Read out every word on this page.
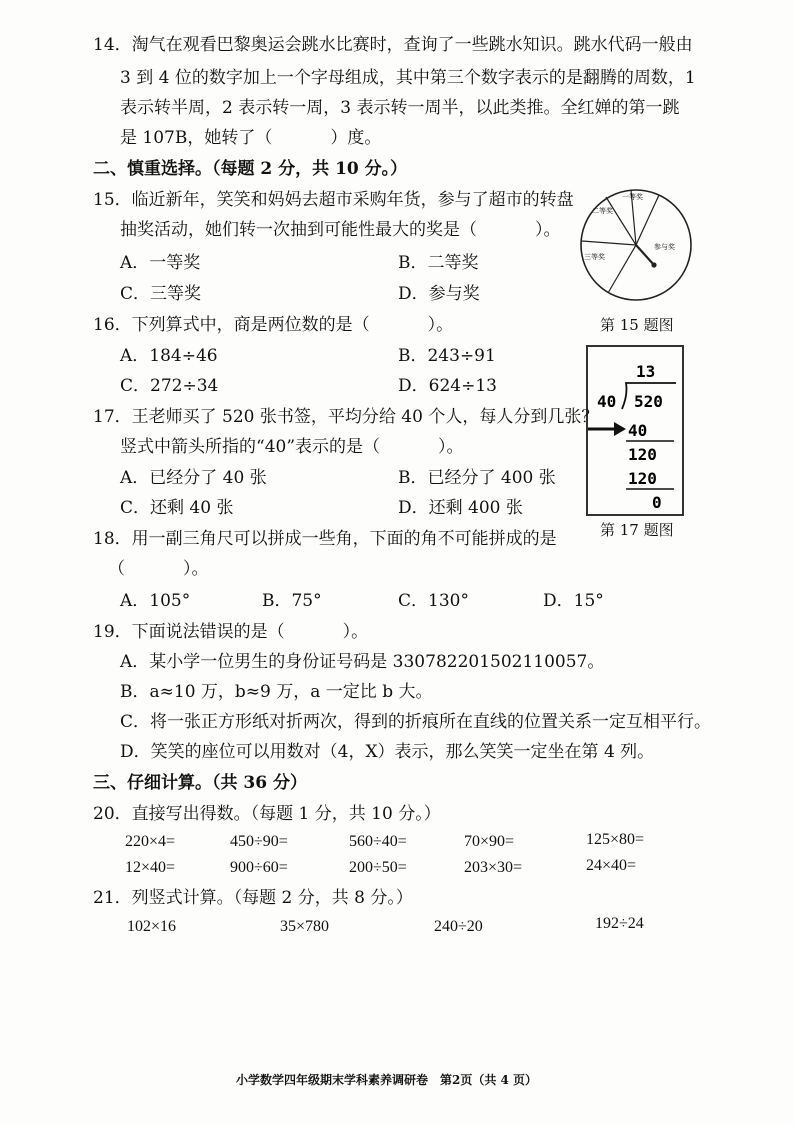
14．淘气在观看巴黎奥运会跳水比赛时，查询了一些跳水知识。跳水代码一般由
3 到 4 位的数字加上一个字母组成，其中第三个数字表示的是翻腾的周数，1
表示转半周，2 表示转一周，3 表示转一周半，以此类推。全红婵的第一跳
是 107B，她转了（	）度。
二、慎重选择。（每题 2 分，共 10 分。）
15．临近新年，笑笑和妈妈去超市采购年货，参与了超市的转盘
抽奖活动，她们转一次抽到可能性最大的奖是（	）。
A．一等奖	B．二等奖
C．三等奖	D．参与奖
一等奖
二等奖
三等奖
参与奖
第 15 题图
16．下列算式中，商是两位数的是（	）。
A．184÷46	B．243÷91
C．272÷34	D．624÷13
13
40 520
40
120
120
0
第 17 题图
17．王老师买了 520 张书签，平均分给 40 个人，每人分到几张？
竖式中箭头所指的“40”表示的是（	）。
A．已经分了 40 张	B．已经分了 400 张
C．还剩 40 张	D．还剩 400 张
18．用一副三角尺可以拼成一些角，下面的角不可能拼成的是
（	）。
A．105°	B．75°	C．130°	D．15°
19．下面说法错误的是（	）。
A．某小学一位男生的身份证号码是 330782201502110057。
B．a≈10 万，b≈9 万，a 一定比 b 大。
C．将一张正方形纸对折两次，得到的折痕所在直线的位置关系一定互相平行。
D．笑笑的座位可以用数对（4，X）表示，那么笑笑一定坐在第 4 列。
三、仔细计算。（共 36 分）
20．直接写出得数。（每题 1 分，共 10 分。）
220×4=	450÷90=	560÷40=	70×90=	125×80=
12×40=	900÷60=	200÷50=	203×30=	24×40=
21．列竖式计算。（每题 2 分，共 8 分。）
102×16	35×780	240÷20	192÷24
小学数学四年级期末学科素养调研卷　第2页（共 4 页）
